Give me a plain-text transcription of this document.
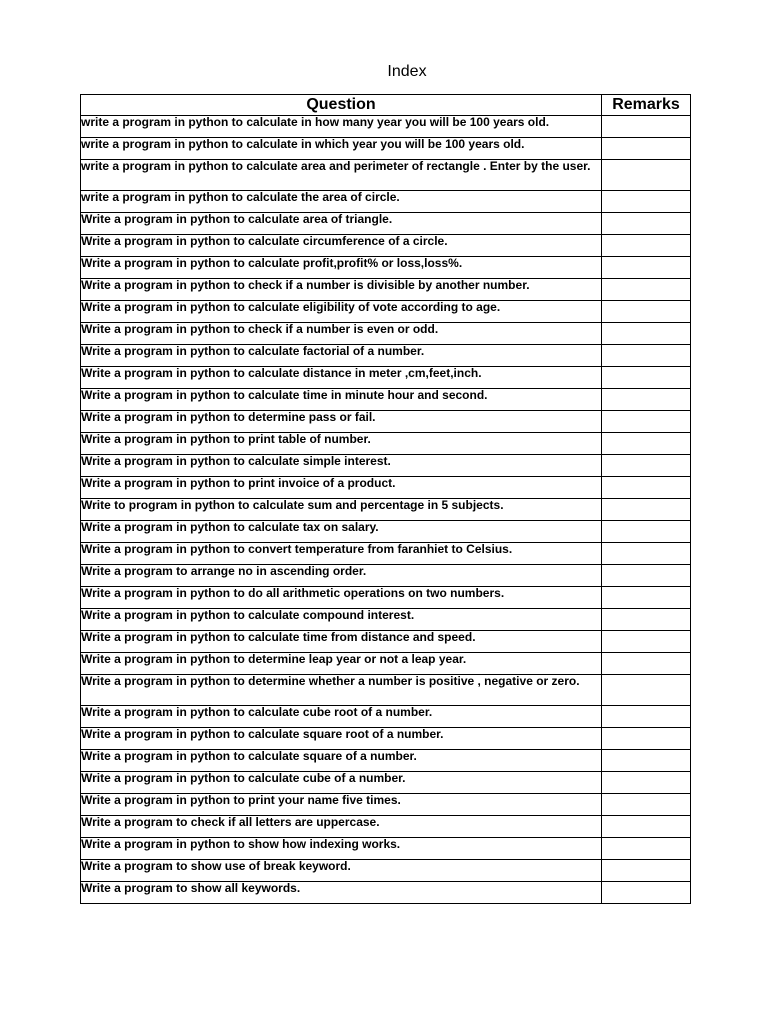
Index
Question	Remarks
write a program in python to calculate in how many year you will be 100 years old.	
write a program in python to calculate in which year you will be 100 years old.	
write a program in python to calculate area and perimeter of rectangle . Enter by the user.	
write a program in python to calculate the area of circle.	
Write a program in python to calculate area of triangle.	
Write a program in python to calculate circumference of a circle.	
Write a program in python to calculate profit,profit% or loss,loss%.	
Write a program in python to check if a number is divisible by another number.	
Write a program in python to calculate eligibility of vote according to age.	
Write a program in python to check if a number is even or odd.	
Write a program in python to calculate factorial of a number.	
Write a program in python to calculate distance in meter ,cm,feet,inch.	
Write a program in python to calculate time in minute hour and second.	
Write a program in python to determine pass or fail.	
Write a program in python to print table of number.	
Write a program in python to calculate simple interest.	
Write a program in python to print invoice of a product.	
Write to program in python to calculate sum and percentage in 5 subjects.	
Write a program in python to calculate tax on salary.	
Write a program in python to convert temperature from faranhiet to Celsius.	
Write a program to arrange no in ascending order.	
Write a program in python to do all arithmetic operations on two numbers.	
Write a program in python to calculate compound interest.	
Write a program in python to calculate time from distance and speed.	
Write a program in python to determine leap year or not a leap year.	
Write a program in python to determine whether a number is positive , negative or zero.	
Write a program in python to calculate cube root of a number.	
Write a program in python to calculate square root of a number.	
Write a program in python to calculate square of a number.	
Write a program in python to calculate cube of a number.	
Write a program in python to print your name five times.	
Write a program to check if all letters are uppercase.	
Write a program in python to show how indexing works.	
Write a program to show use of break keyword.	
Write a program to show all keywords.	
